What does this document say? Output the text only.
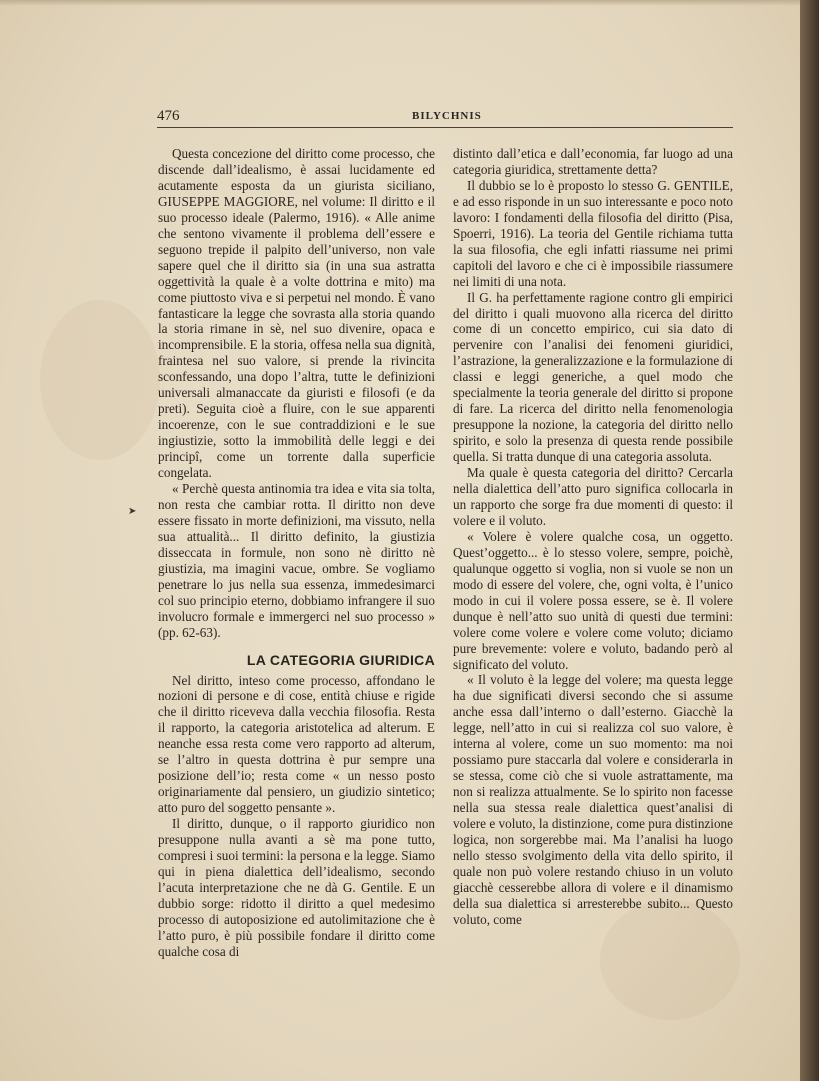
476	BILYCHNIS
➤

Questa concezione del diritto come processo, che discende dall’idealismo, è assai lucidamente ed acutamente esposta da un giurista siciliano, GIUSEPPE MAGGIORE, nel volume: Il diritto e il suo processo ideale (Palermo, 1916). « Alle anime che sentono vivamente il problema dell’essere e seguono trepide il palpito dell’universo, non vale sapere quel che il diritto sia (in una sua astratta oggettività la quale è a volte dottrina e mito) ma come piuttosto viva e si perpetui nel mondo. È vano fantasticare la legge che sovrasta alla storia quando la storia rimane in sè, nel suo divenire, opaca e incomprensibile. E la storia, offesa nella sua dignità, fraintesa nel suo valore, si prende la rivincita sconfessando, una dopo l’altra, tutte le definizioni universali almanaccate da giuristi e filosofi (e da preti). Seguita cioè a fluire, con le sue apparenti incoerenze, con le sue contraddizioni e le sue ingiustizie, sotto la immobilità delle leggi e dei principî, come un torrente dalla superficie congelata.

« Perchè questa antinomia tra idea e vita sia tolta, non resta che cambiar rotta. Il diritto non deve essere fissato in morte definizioni, ma vissuto, nella sua attualità... Il diritto definito, la giustizia disseccata in formule, non sono nè diritto nè giustizia, ma imagini vacue, ombre. Se vogliamo penetrare lo jus nella sua essenza, immedesimarci col suo principio eterno, dobbiamo infrangere il suo involucro formale e immergerci nel suo processo » (pp. 62-63).

LA CATEGORIA GIURIDICA

Nel diritto, inteso come processo, affondano le nozioni di persone e di cose, entità chiuse e rigide che il diritto riceveva dalla vecchia filosofia. Resta il rapporto, la categoria aristotelica ad alterum. E neanche essa resta come vero rapporto ad alterum, se l’altro in questa dottrina è pur sempre una posizione dell’io; resta come « un nesso posto originariamente dal pensiero, un giudizio sintetico; atto puro del soggetto pensante ».

Il diritto, dunque, o il rapporto giuridico non presuppone nulla avanti a sè ma pone tutto, compresi i suoi termini: la persona e la legge. Siamo qui in piena dialettica dell’idealismo, secondo l’acuta interpretazione che ne dà G. Gentile. E un dubbio sorge: ridotto il diritto a quel medesimo processo di autoposizione ed autolimitazione che è l’atto puro, è più possibile fondare il diritto come qualche cosa di

distinto dall’etica e dall’economia, far luogo ad una categoria giuridica, strettamente detta?

Il dubbio se lo è proposto lo stesso G. GENTILE, e ad esso risponde in un suo interessante e poco noto lavoro: I fondamenti della filosofia del diritto (Pisa, Spoerri, 1916). La teoria del Gentile richiama tutta la sua filosofia, che egli infatti riassume nei primi capitoli del lavoro e che ci è impossibile riassumere nei limiti di una nota.

Il G. ha perfettamente ragione contro gli empirici del diritto i quali muovono alla ricerca del diritto come di un concetto empirico, cui sia dato di pervenire con l’analisi dei fenomeni giuridici, l’astrazione, la generalizzazione e la formulazione di classi e leggi generiche, a quel modo che specialmente la teoria generale del diritto si propone di fare. La ricerca del diritto nella fenomenologia presuppone la nozione, la categoria del diritto nello spirito, e solo la presenza di questa rende possibile quella. Si tratta dunque di una categoria assoluta.

Ma quale è questa categoria del diritto? Cercarla nella dialettica dell’atto puro significa collocarla in un rapporto che sorge fra due momenti di questo: il volere e il voluto.

« Volere è volere qualche cosa, un oggetto. Quest’oggetto... è lo stesso volere, sempre, poichè, qualunque oggetto si voglia, non si vuole se non un modo di essere del volere, che, ogni volta, è l’unico modo in cui il volere possa essere, se è. Il volere dunque è nell’atto suo unità di questi due termini: volere come volere e volere come voluto; diciamo pure brevemente: volere e voluto, badando però al significato del voluto.

« Il voluto è la legge del volere; ma questa legge ha due significati diversi secondo che si assume anche essa dall’interno o dall’esterno. Giacchè la legge, nell’atto in cui si realizza col suo valore, è interna al volere, come un suo momento: ma noi possiamo pure staccarla dal volere e considerarla in se stessa, come ciò che si vuole astrattamente, ma non si realizza attualmente. Se lo spirito non facesse nella sua stessa reale dialettica quest’analisi di volere e voluto, la distinzione, come pura distinzione logica, non sorgerebbe mai. Ma l’analisi ha luogo nello stesso svolgimento della vita dello spirito, il quale non può volere restando chiuso in un voluto giacchè cesserebbe allora di volere e il dinamismo della sua dialettica si arresterebbe subito... Questo voluto, come
